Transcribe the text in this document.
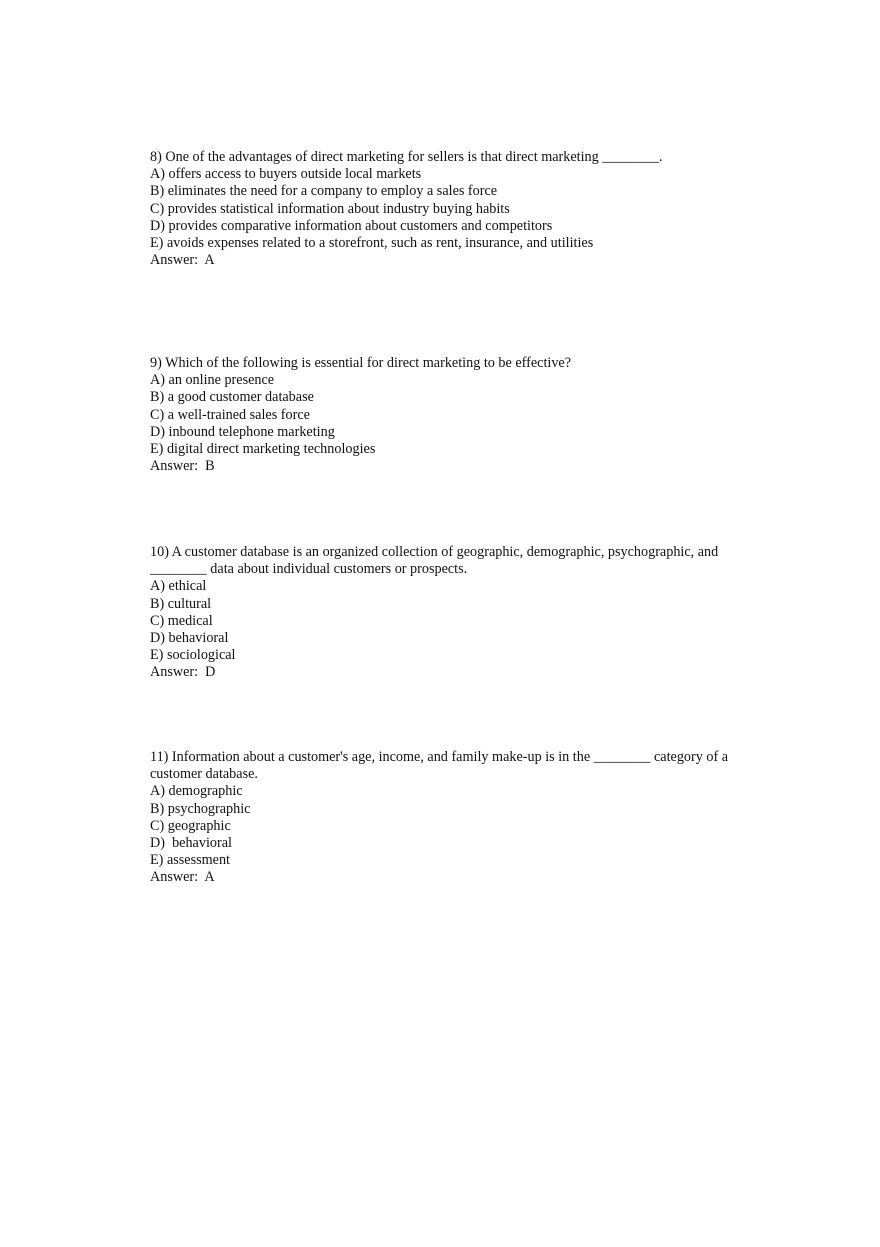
8) One of the advantages of direct marketing for sellers is that direct marketing ________.

A) offers access to buyers outside local markets

B) eliminates the need for a company to employ a sales force

C) provides statistical information about industry buying habits

D) provides comparative information about customers and competitors

E) avoids expenses related to a storefront, such as rent, insurance, and utilities

Answer:  A

9) Which of the following is essential for direct marketing to be effective?

A) an online presence

B) a good customer database

C) a well-trained sales force

D) inbound telephone marketing

E) digital direct marketing technologies

Answer:  B

10) A customer database is an organized collection of geographic, demographic, psychographic, and ________ data about individual customers or prospects.

A) ethical

B) cultural

C) medical

D) behavioral

E) sociological

Answer:  D

11) Information about a customer's age, income, and family make-up is in the ________ category of a customer database.

A) demographic

B) psychographic

C) geographic

D)  behavioral

E) assessment

Answer:  A
